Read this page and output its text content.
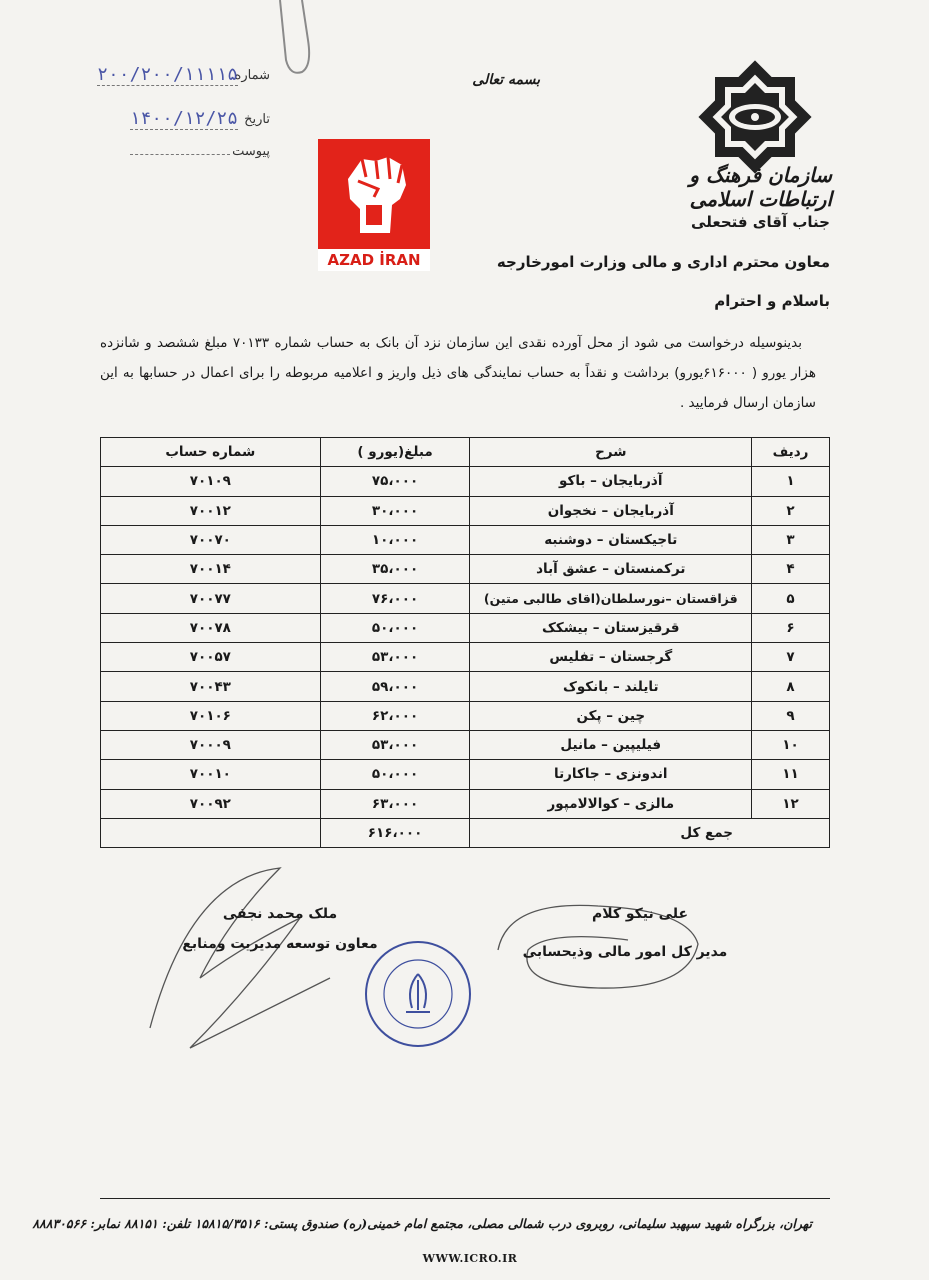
شماره
۲۰۰/۲۰۰/۱۱۱۱۵
تاریخ
۱۴۰۰/۱۲/۲۵
پیوست
بسمه تعالی
سازمان فرهنگ و ارتباطات اسلامی
AZAD İRAN
جناب آقای فتحعلی
معاون محترم اداری و مالی وزارت امورخارجه
باسلام و احترام
بدینوسیله درخواست می شود از محل آورده نقدی این سازمان نزد آن بانک به حساب شماره ۷۰۱۳۳ مبلغ ششصد و شانزده هزار یورو ( ۶۱۶۰۰۰یورو) برداشت و نقداً به حساب نمایندگی های ذیل واریز و اعلامیه مربوطه را برای اعمال در حسابها به این سازمان ارسال فرمایید .
ردیف	شرح	مبلغ(یورو )	شماره حساب
۱	آذربایجان – باکو	۷۵،۰۰۰	۷۰۱۰۹
۲	آذربایجان – نخجوان	۳۰،۰۰۰	۷۰۰۱۲
۳	تاجیکستان – دوشنبه	۱۰،۰۰۰	۷۰۰۷۰
۴	ترکمنستان – عشق آباد	۳۵،۰۰۰	۷۰۰۱۴
۵	قزاقستان –نورسلطان(اقای طالبی متین)	۷۶،۰۰۰	۷۰۰۷۷
۶	قرقیزستان – بیشکک	۵۰،۰۰۰	۷۰۰۷۸
۷	گرجستان – تفلیس	۵۳،۰۰۰	۷۰۰۵۷
۸	تایلند – بانکوک	۵۹،۰۰۰	۷۰۰۴۳
۹	چین – پکن	۶۲،۰۰۰	۷۰۱۰۶
۱۰	فیلیپین – مانیل	۵۳،۰۰۰	۷۰۰۰۹
۱۱	اندونزی – جاکارتا	۵۰،۰۰۰	۷۰۰۱۰
۱۲	مالزی – کوالالامپور	۶۳،۰۰۰	۷۰۰۹۲
جمع کل		۶۱۶،۰۰۰	
ملک محمد نجفی
معاون توسعه مدیریت ومنابع
علی نیکو کلام
مدیر کل امور مالی وذیحسابی
تهران، بزرگراه شهید سپهبد سلیمانی، روبروی درب شمالی مصلی، مجتمع امام خمینی(ره) صندوق پستی: ۱۵۸۱۵/۳۵۱۶ تلفن: ۸۸۱۵۱ نمابر: ۸۸۸۳۰۵۶۶
WWW.ICRO.IR
